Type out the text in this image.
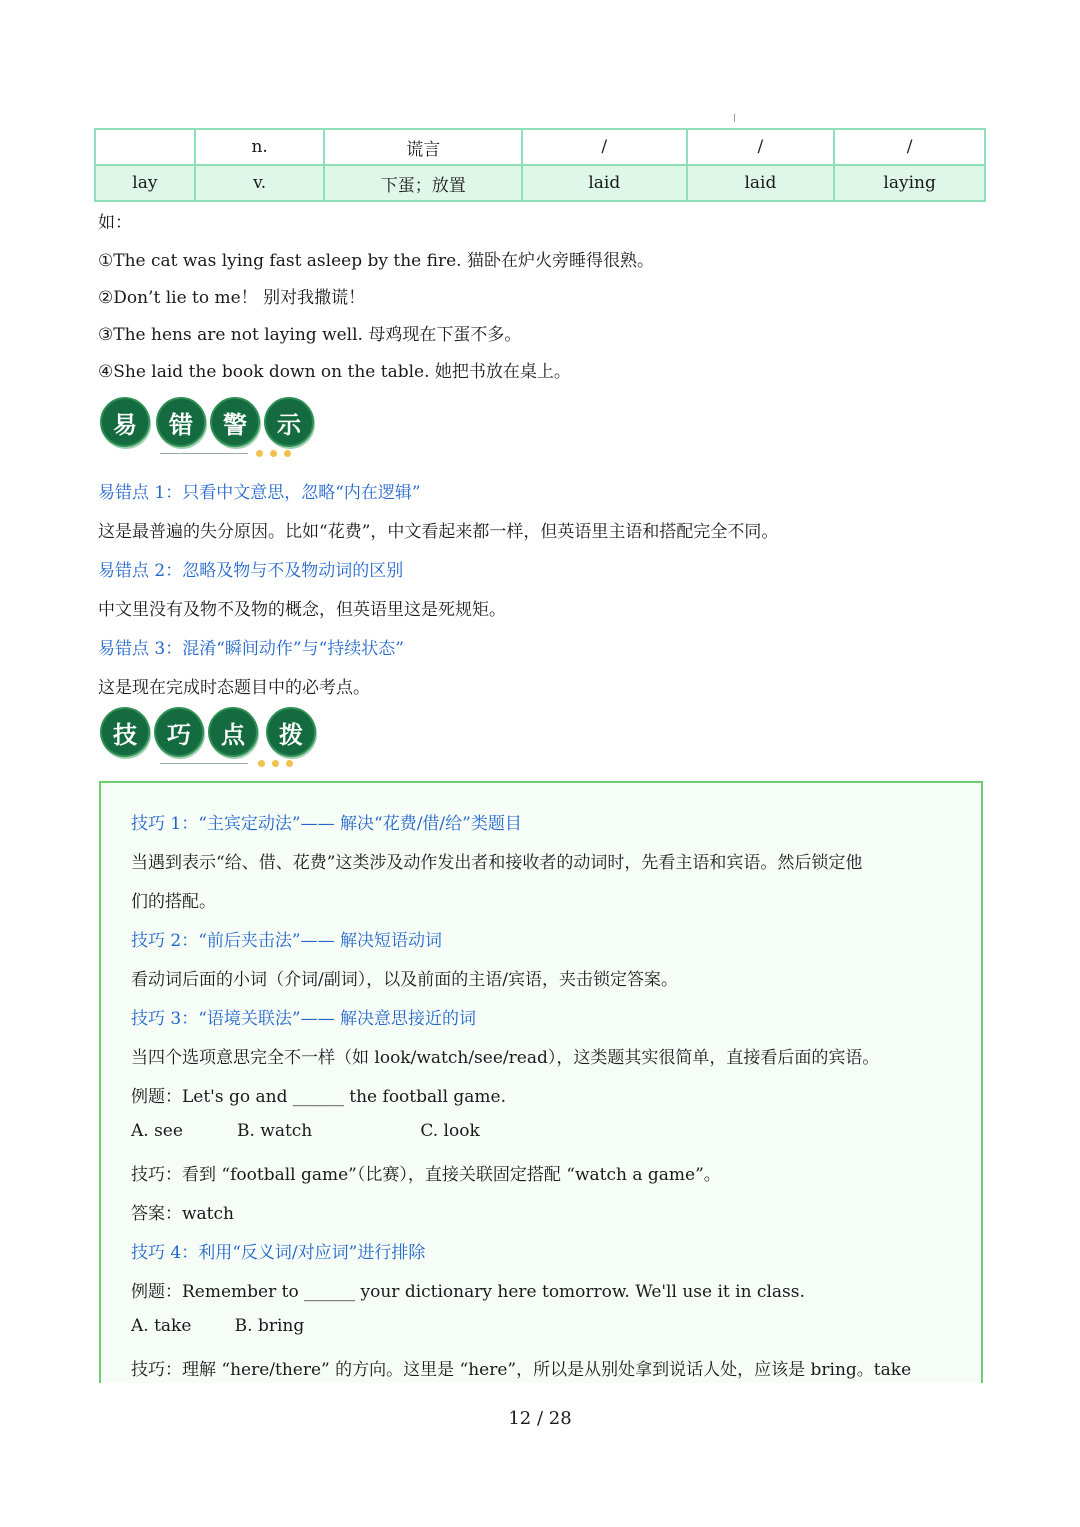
	n.	谎言	/	/	/
lay	v.	下蛋；放置	laid	laid	laying
如：
①The cat was lying fast asleep by the fire. 猫卧在炉火旁睡得很熟。
②Don’t lie to me！ 别对我撒谎！
③The hens are not laying well. 母鸡现在下蛋不多。
④She laid the book down on the table. 她把书放在桌上。
易	错	警	示
易错点 1：只看中文意思，忽略“内在逻辑”
这是最普遍的失分原因。比如“花费”，中文看起来都一样，但英语里主语和搭配完全不同。
易错点 2：忽略及物与不及物动词的区别
中文里没有及物不及物的概念，但英语里这是死规矩。
易错点 3：混淆“瞬间动作”与“持续状态”
这是现在完成时态题目中的必考点。
技	巧	点	拨
技巧 1：“主宾定动法”—— 解决“花费/借/给”类题目
当遇到表示“给、借、花费”这类涉及动作发出者和接收者的动词时，先看主语和宾语。然后锁定他
们的搭配。
技巧 2：“前后夹击法”—— 解决短语动词
看动词后面的小词（介词/副词），以及前面的主语/宾语，夹击锁定答案。
技巧 3：“语境关联法”—— 解决意思接近的词
当四个选项意思完全不一样（如 look/watch/see/read），这类题其实很简单，直接看后面的宾语。
例题：Let's go and ______ the football game.
A. see          B. watch                    C. look
技巧：看到 “football game”（比赛），直接关联固定搭配 “watch a game”。
答案：watch
技巧 4：利用“反义词/对应词”进行排除
例题：Remember to ______ your dictionary here tomorrow. We'll use it in class.
A. take        B. bring
技巧：理解 “here/there” 的方向。这里是 “here”，所以是从别处拿到说话人处，应该是 bring。take
12 / 28
